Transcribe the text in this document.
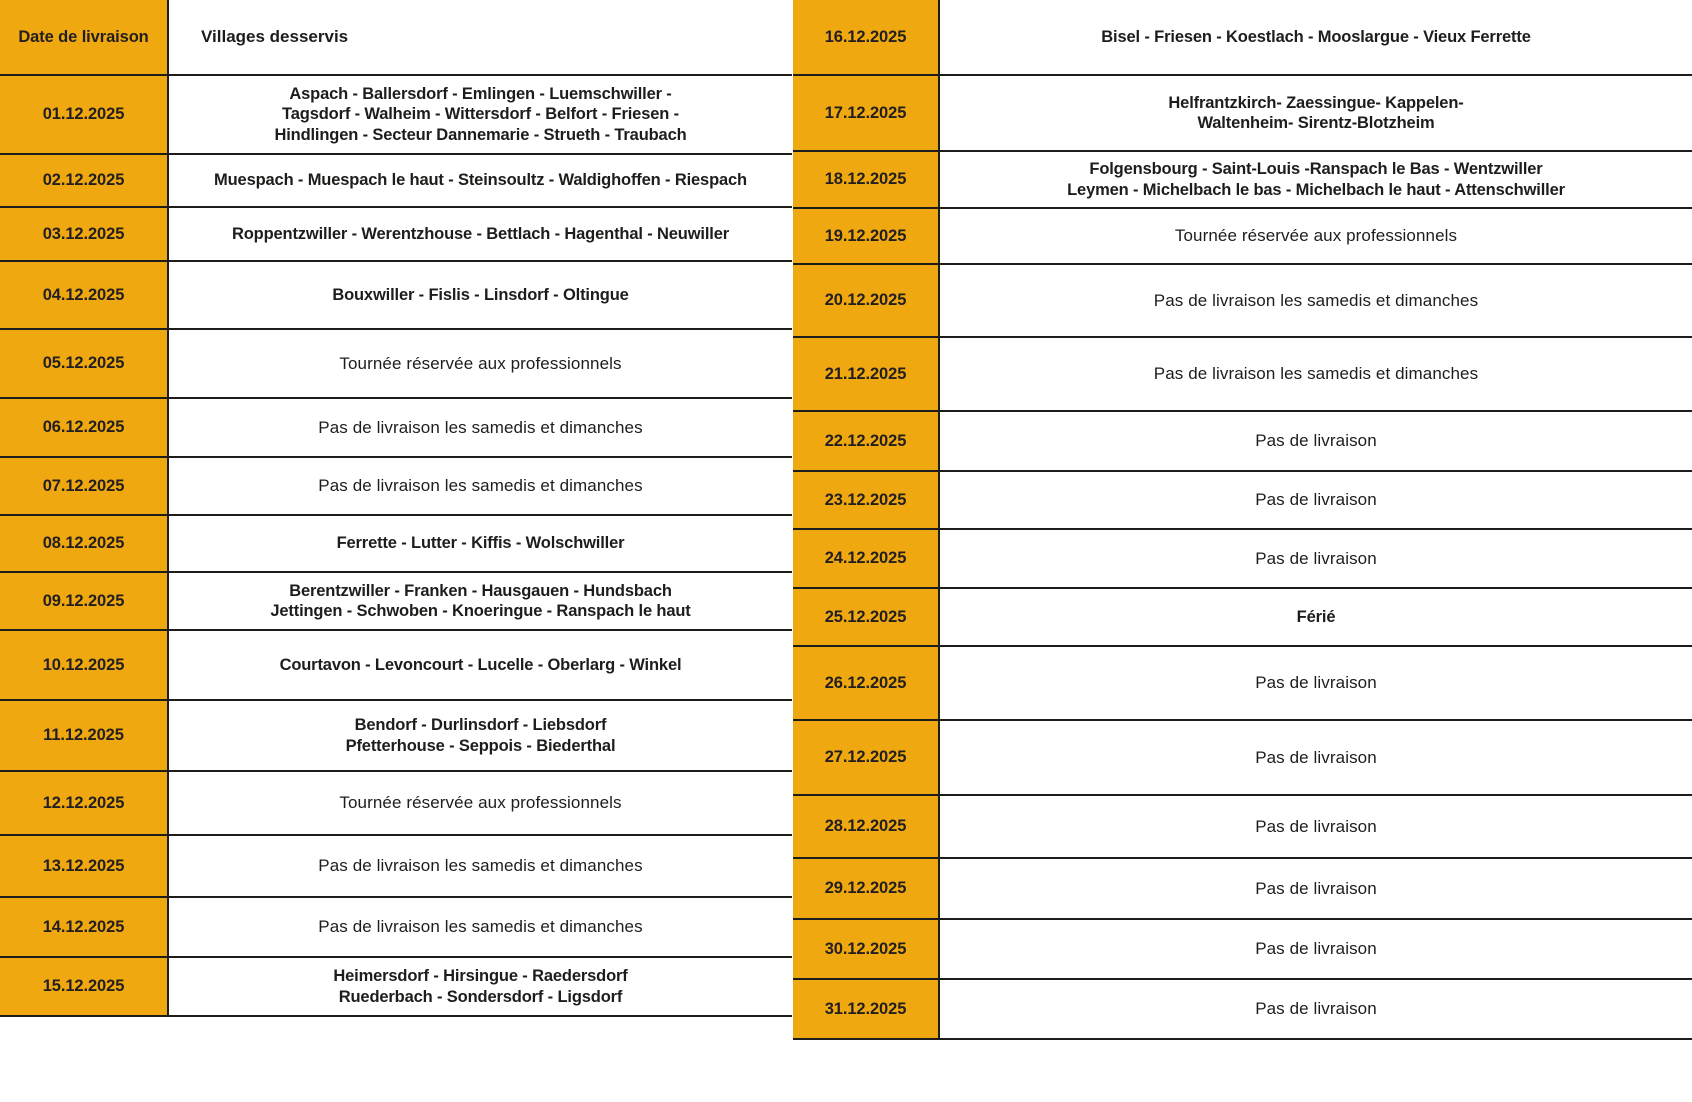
Date de livraison	Villages desservis
01.12.2025
Aspach - Ballersdorf - Emlingen - Luemschwiller -
Tagsdorf - Walheim - Wittersdorf - Belfort - Friesen -
Hindlingen - Secteur Dannemarie - Strueth - Traubach
02.12.2025	Muespach - Muespach le haut - Steinsoultz - Waldighoffen - Riespach
03.12.2025	Roppentzwiller - Werentzhouse - Bettlach - Hagenthal - Neuwiller
04.12.2025	Bouxwiller - Fislis - Linsdorf - Oltingue
05.12.2025	Tournée réservée aux professionnels
06.12.2025	Pas de livraison les samedis et dimanches
07.12.2025	Pas de livraison les samedis et dimanches
08.12.2025	Ferrette - Lutter - Kiffis - Wolschwiller
09.12.2025
Berentzwiller - Franken - Hausgauen - Hundsbach
Jettingen - Schwoben - Knoeringue - Ranspach le haut
10.12.2025	Courtavon - Levoncourt - Lucelle - Oberlarg - Winkel
11.12.2025
Bendorf - Durlinsdorf - Liebsdorf
Pfetterhouse - Seppois - Biederthal
12.12.2025	Tournée réservée aux professionnels
13.12.2025	Pas de livraison les samedis et dimanches
14.12.2025	Pas de livraison les samedis et dimanches
15.12.2025
Heimersdorf - Hirsingue - Raedersdorf
Ruederbach - Sondersdorf - Ligsdorf
16.12.2025	Bisel - Friesen - Koestlach - Mooslargue - Vieux Ferrette
17.12.2025
Helfrantzkirch- Zaessingue- Kappelen-
Waltenheim- Sirentz-Blotzheim
18.12.2025
Folgensbourg - Saint-Louis -Ranspach le Bas - Wentzwiller
Leymen - Michelbach le bas - Michelbach le haut - Attenschwiller
19.12.2025	Tournée réservée aux professionnels
20.12.2025	Pas de livraison les samedis et dimanches
21.12.2025	Pas de livraison les samedis et dimanches
22.12.2025	Pas de livraison
23.12.2025	Pas de livraison
24.12.2025	Pas de livraison
25.12.2025	Férié
26.12.2025	Pas de livraison
27.12.2025	Pas de livraison
28.12.2025	Pas de livraison
29.12.2025	Pas de livraison
30.12.2025	Pas de livraison
31.12.2025	Pas de livraison
